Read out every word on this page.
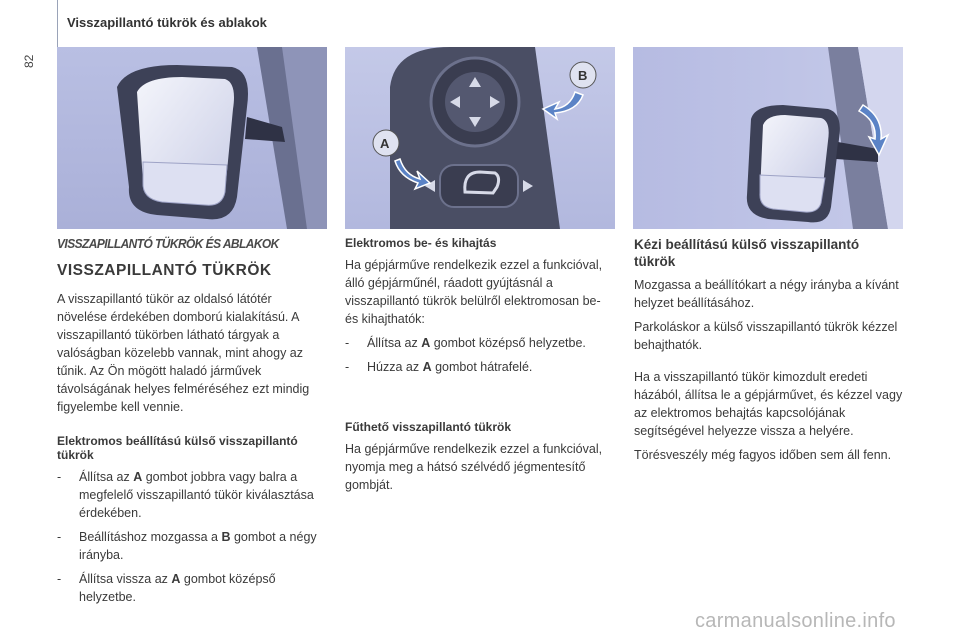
82
Visszapillantó tükrök és ablakok
A
B
VISSZAPILLANTÓ TÜKRÖK ÉS ABLAKOK
VISSZAPILLANTÓ TÜKRÖK

A visszapillantó tükör az oldalsó látótér növelése érdekében domború kialakítású. A visszapillantó tükörben látható tárgyak a valóságban közelebb vannak, mint ahogy az tűnik. Az Ön mögött haladó járművek távolságának helyes felméréséhez ezt mindig figyelembe kell vennie.

Elektromos beállítású külső visszapillantó tükrök
-	Állítsa az A gombot jobbra vagy balra a megfelelő visszapillantó tükör kiválasztása érdekében.
-	Beállításhoz mozgassa a B gombot a négy irányba.
-	Állítsa vissza az A gombot középső helyzetbe.
Elektromos be- és kihajtás

Ha gépjárműve rendelkezik ezzel a funkcióval, álló gépjárműnél, ráadott gyújtásnál a visszapillantó tükrök belülről elektromosan be- és kihajthatók:

-	Állítsa az A gombot középső helyzetbe.
-	Húzza az A gombot hátrafelé.
Fűthető visszapillantó tükrök

Ha gépjárműve rendelkezik ezzel a funkcióval, nyomja meg a hátsó szélvédő jégmentesítő gombját.

Kézi beállítású külső visszapillantó tükrök

Mozgassa a beállítókart a négy irányba a kívánt helyzet beállításához.

Parkoláskor a külső visszapillantó tükrök kézzel behajthatók.

Ha a visszapillantó tükör kimozdult eredeti házából, állítsa le a gépjárművet, és kézzel vagy az elektromos behajtás kapcsolójának segítségével helyezze vissza a helyére.

Törésveszély még fagyos időben sem áll fenn.

carmanualsonline.info
